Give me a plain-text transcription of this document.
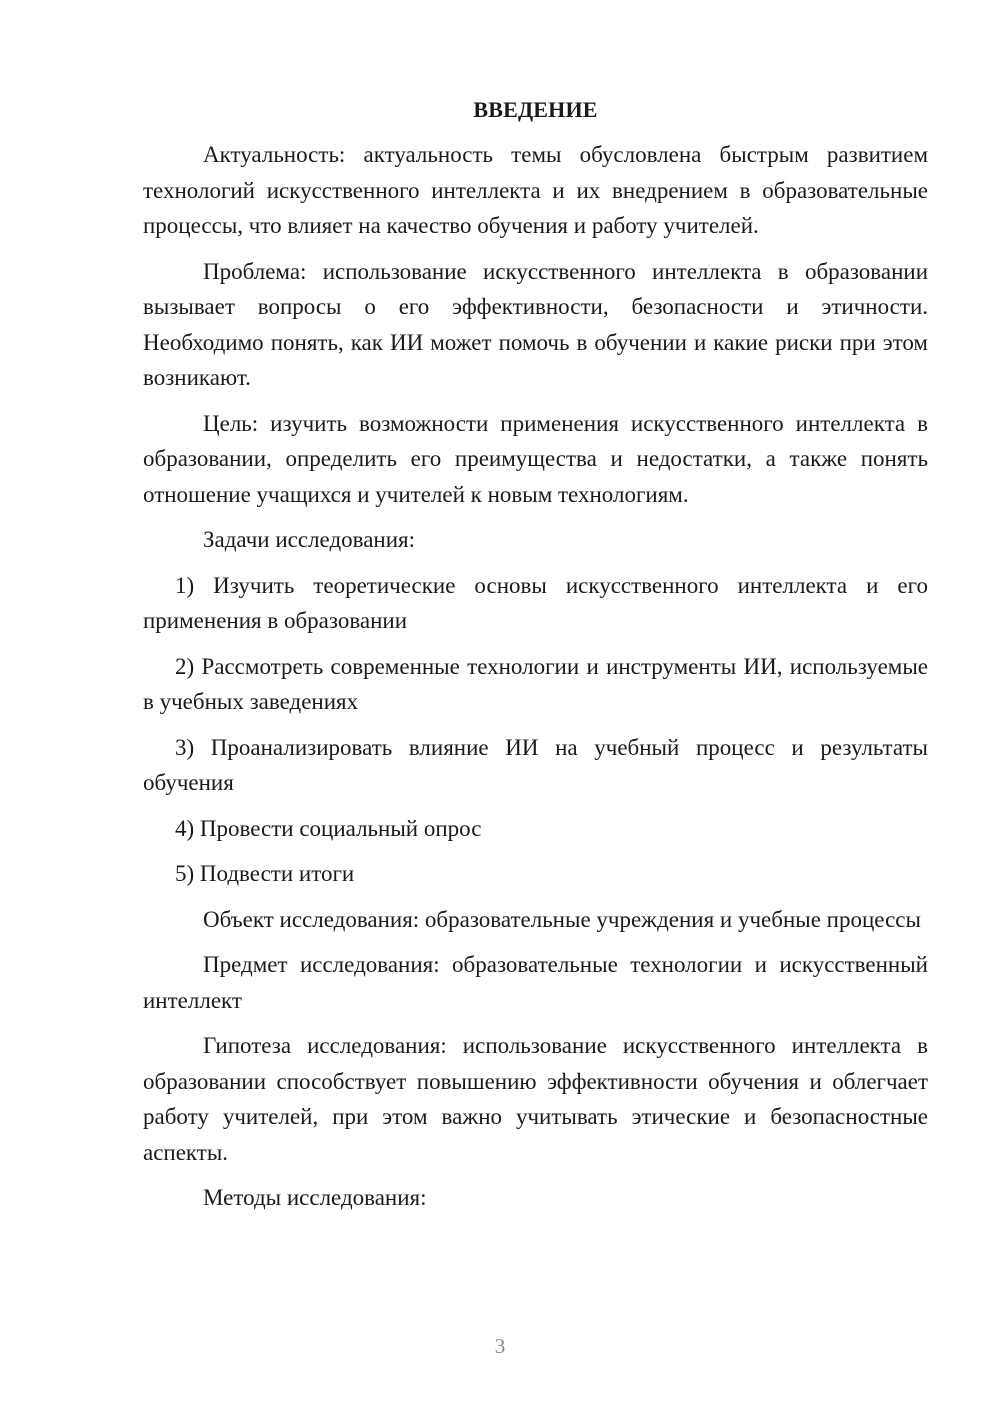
ВВЕДЕНИЕ

Актуальность: актуальность темы обусловлена быстрым развитием технологий искусственного интеллекта и их внедрением в образовательные процессы, что влияет на качество обучения и работу учителей.

Проблема: использование искусственного интеллекта в образовании вызывает вопросы о его эффективности, безопасности и этичности. Необходимо понять, как ИИ может помочь в обучении и какие риски при этом возникают.

Цель: изучить возможности применения искусственного интеллекта в образовании, определить его преимущества и недостатки, а также понять отношение учащихся и учителей к новым технологиям.

Задачи исследования:

1) Изучить теоретические основы искусственного интеллекта и его применения в образовании

2) Рассмотреть современные технологии и инструменты ИИ, используемые в учебных заведениях

3) Проанализировать влияние ИИ на учебный процесс и результаты обучения

4) Провести социальный опрос

5) Подвести итоги

Объект исследования: образовательные учреждения и учебные процессы

Предмет исследования: образовательные технологии и искусственный интеллект

Гипотеза исследования: использование искусственного интеллекта в образовании способствует повышению эффективности обучения и облегчает работу учителей, при этом важно учитывать этические и безопасностные аспекты.

Методы исследования:

3
